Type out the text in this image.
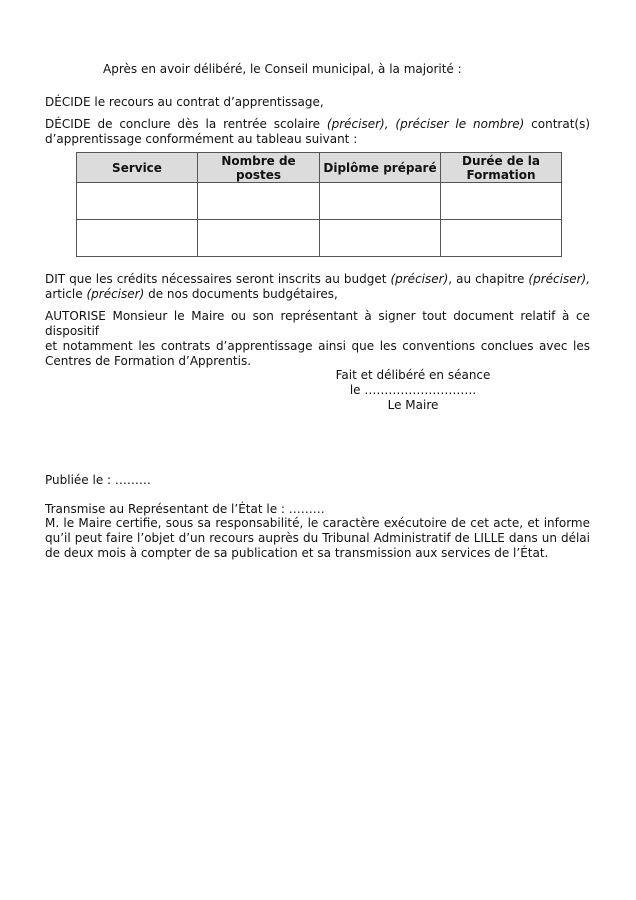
Après en avoir délibéré, le Conseil municipal, à la majorité :

DÉCIDE le recours au contrat d’apprentissage,

DÉCIDE de conclure dès la rentrée scolaire (préciser), (préciser le nombre) contrat(s)
d’apprentissage conformément au tableau suivant :
Service	Nombre de postes	Diplôme préparé	Durée de la Formation

DIT que les crédits nécessaires seront inscrits au budget (préciser), au chapitre (préciser),
article (préciser) de nos documents budgétaires,
AUTORISE Monsieur le Maire ou son représentant à signer tout document relatif à ce dispositif
et notamment les contrats d’apprentissage ainsi que les conventions conclues avec les
Centres de Formation d’Apprentis.
Fait et délibéré en séance
le ……………………….
Le Maire

Publiée le : ………

Transmise au Représentant de l’État le : ………

M. le Maire certifie, sous sa responsabilité, le caractère exécutoire de cet acte, et informe
qu’il peut faire l’objet d’un recours auprès du Tribunal Administratif de LILLE dans un délai
de deux mois à compter de sa publication et sa transmission aux services de l’État.
